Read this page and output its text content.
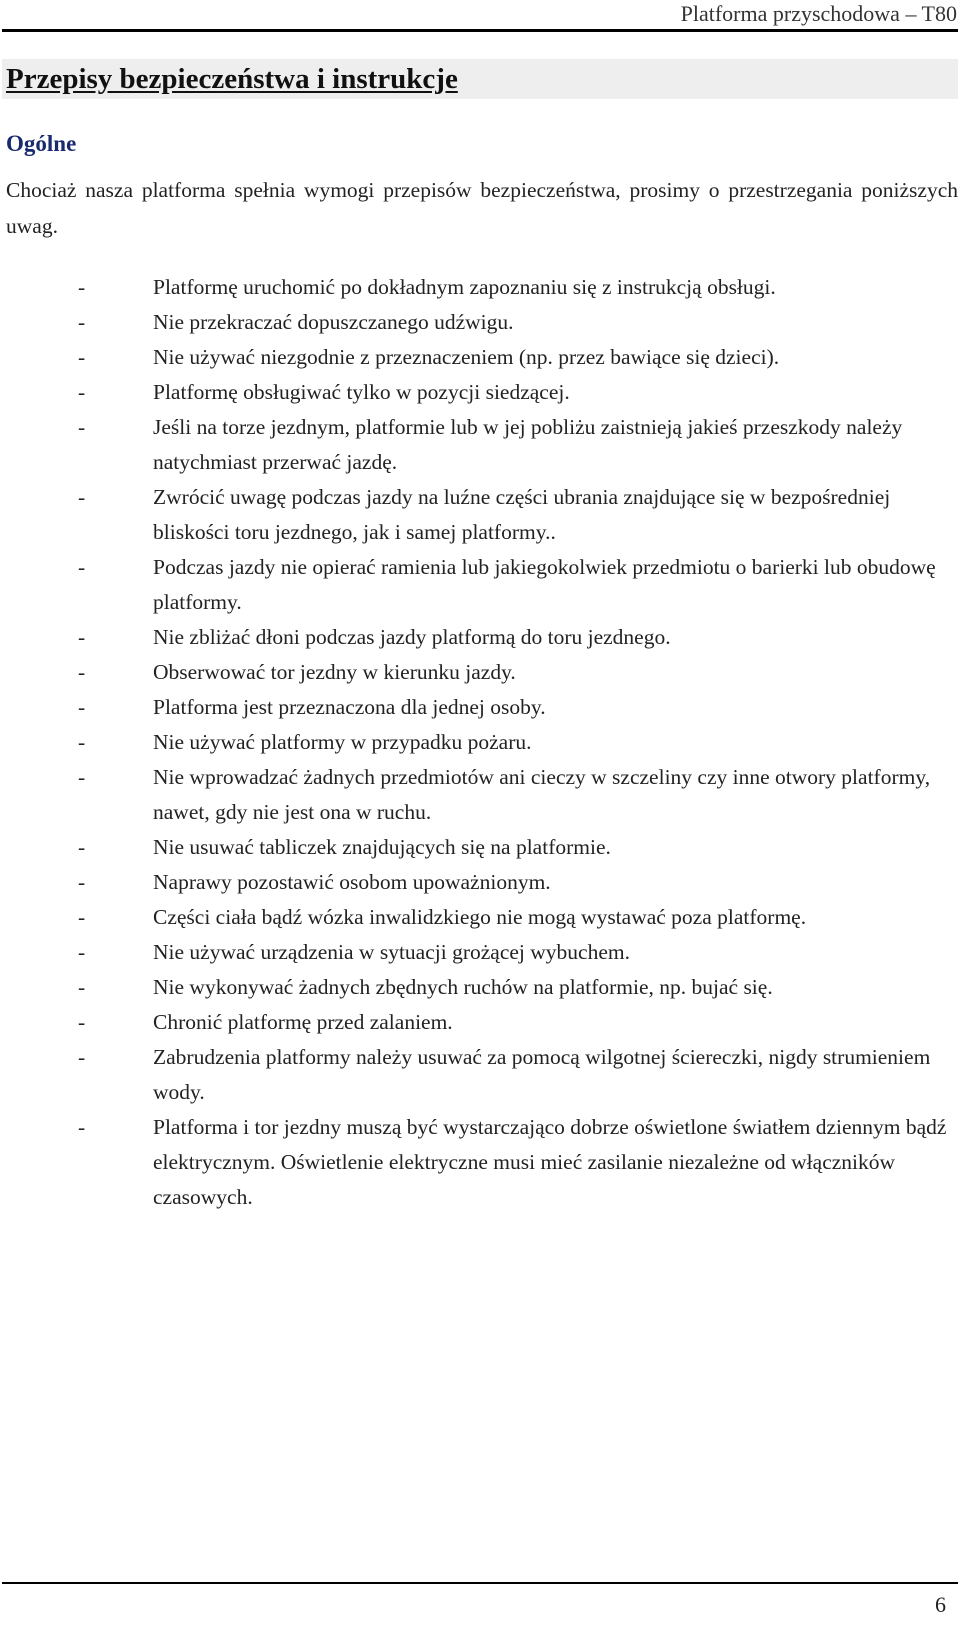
Platforma przyschodowa – T80
Przepisy bezpieczeństwa i instrukcje
Ogólne

Chociaż nasza platforma spełnia wymogi przepisów bezpieczeństwa, prosimy o przestrzegania poniższych uwag.

-	Platformę uruchomić po dokładnym zapoznaniu się z instrukcją obsługi.
-	Nie przekraczać dopuszczanego udźwigu.
-	Nie używać niezgodnie z przeznaczeniem (np. przez bawiące się dzieci).
-	Platformę obsługiwać tylko w pozycji siedzącej.
-	Jeśli na torze jezdnym, platformie lub w jej pobliżu zaistnieją jakieś przeszkody należy natychmiast przerwać jazdę.
-	Zwrócić uwagę podczas jazdy na luźne części ubrania znajdujące się w bezpośredniej bliskości toru jezdnego, jak i samej platformy..
-	Podczas jazdy nie opierać ramienia lub jakiegokolwiek przedmiotu o barierki lub obudowę platformy.
-	Nie zbliżać dłoni podczas jazdy platformą do toru jezdnego.
-	Obserwować tor jezdny w kierunku jazdy.
-	Platforma jest przeznaczona dla jednej osoby.
-	Nie używać platformy w przypadku pożaru.
-	Nie wprowadzać żadnych przedmiotów ani cieczy w szczeliny czy inne otwory platformy, nawet, gdy nie jest ona w ruchu.
-	Nie usuwać tabliczek znajdujących się na platformie.
-	Naprawy pozostawić osobom upoważnionym.
-	Części ciała bądź wózka inwalidzkiego nie mogą wystawać poza platformę.
-	Nie używać urządzenia w sytuacji grożącej wybuchem.
-	Nie wykonywać żadnych zbędnych ruchów na platformie, np. bujać się.
-	Chronić platformę przed zalaniem.
-	Zabrudzenia platformy należy usuwać za pomocą wilgotnej ściereczki, nigdy strumieniem wody.
-	Platforma i tor jezdny muszą być wystarczająco dobrze oświetlone światłem dziennym bądź elektrycznym. Oświetlenie elektryczne musi mieć zasilanie niezależne od włączników czasowych.
6
